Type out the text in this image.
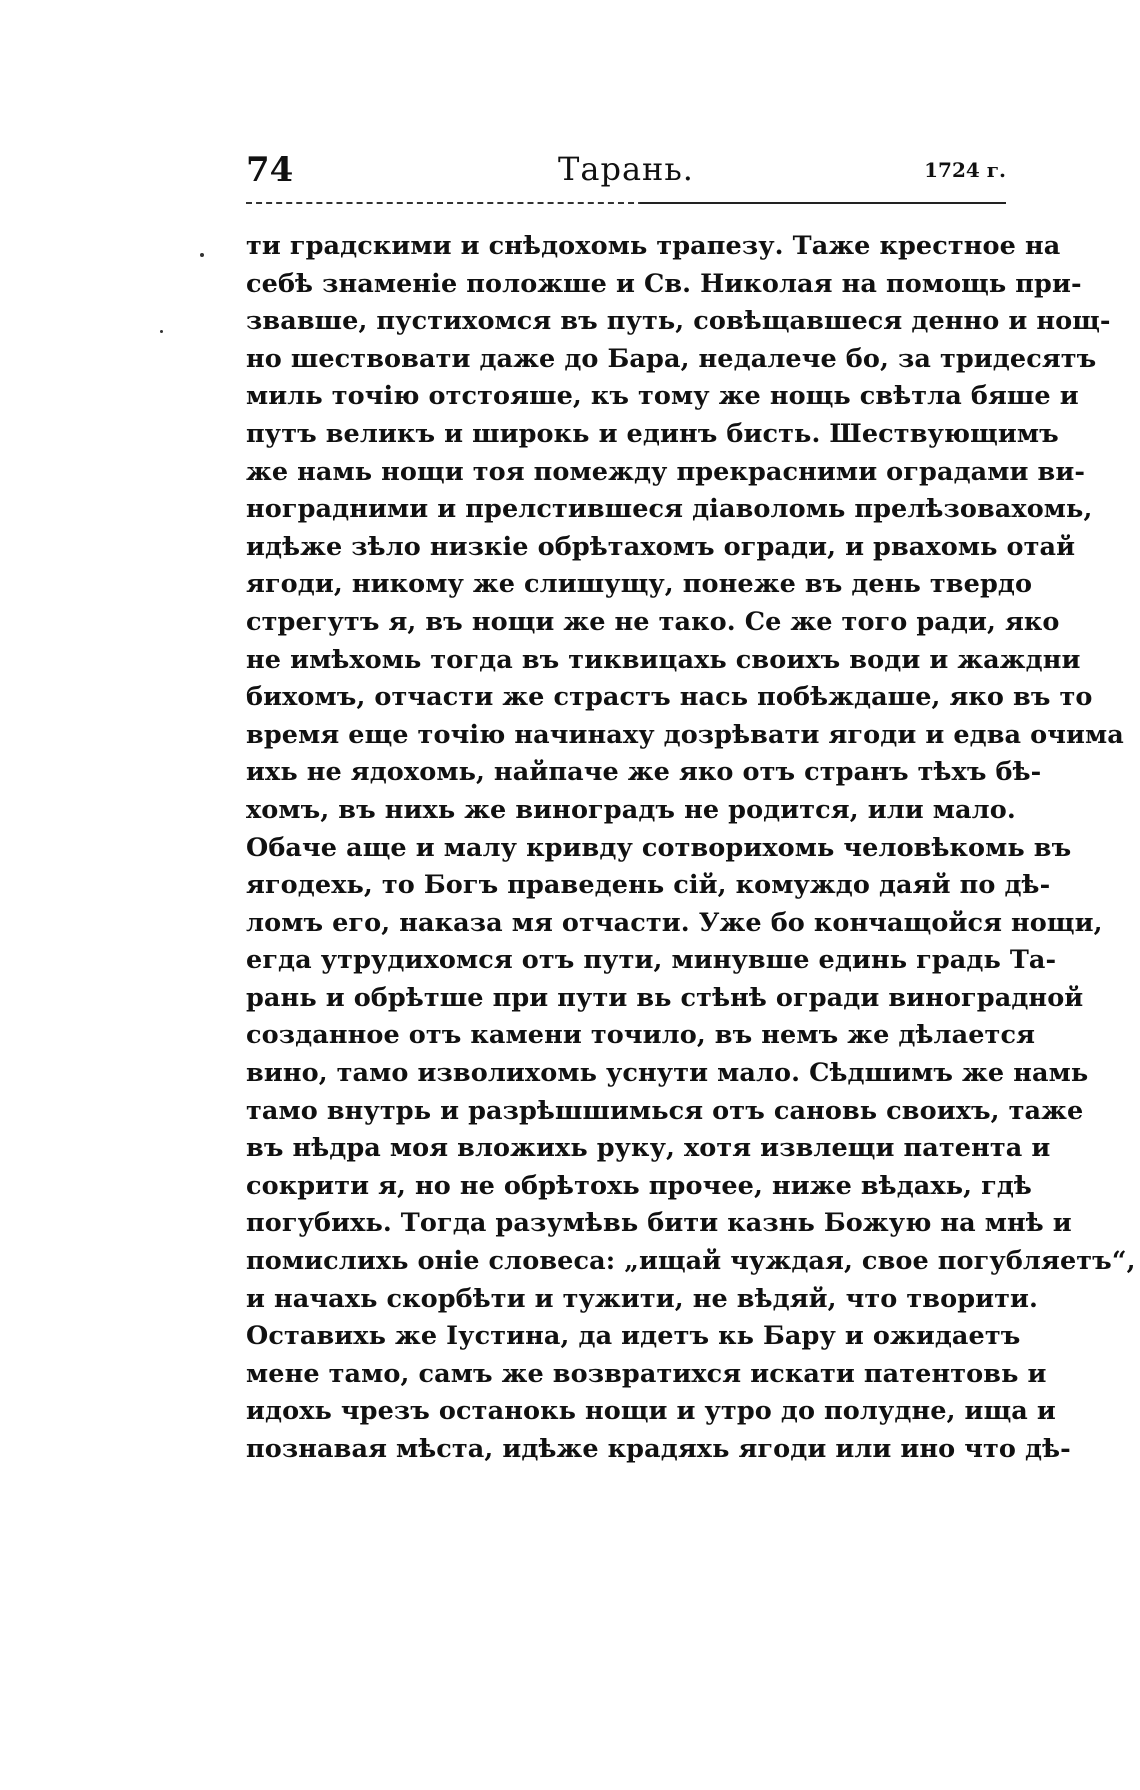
74	Тарань.	1724 г.
ти градскими и снѣдохомь трапезу. Таже крестное на
себѣ знаменіе положше и Св. Николая на помощь при-
звавше, пустихомся въ путь, совѣщавшеся денно и нощ-
но шествовати даже до Бара, недалече бо, за тридесятъ
миль точію отстояше, къ тому же нощь свѣтла бяше и
путъ великъ и широкь и единъ бисть. Шествующимъ
же намь нощи тоя помежду прекрасними оградами ви-
ноградними и прелстившеся діаволомь прелѣзовахомь,
идѣже зѣло низкіе обрѣтахомъ огради, и рвахомь отай
ягоди, никому же слишущу, понеже въ день твердо
стрегутъ я, въ нощи же не тако. Се же того ради, яко
не имѣхомь тогда въ тиквицахь своихъ води и жаждни
бихомъ, отчасти же страстъ нась побѣждаше, яко въ то
время еще точію начинаху дозрѣвати ягоди и едва очима
ихь не ядохомь, найпаче же яко отъ странъ тѣхъ бѣ-
хомъ, въ нихь же виноградъ не родится, или мало.
Обаче аще и малу кривду сотворихомь человѣкомь въ
ягодехь, то Богъ праведень сій, комуждо даяй по дѣ-
ломъ его, наказа мя отчасти. Уже бо кончащойся нощи,
егда утрудихомся отъ пути, минувше единь градь Та-
рань и обрѣтше при пути вь стѣнѣ огради виноградной
созданное отъ камени точило, въ немъ же дѣлается
вино, тамо изволихомь уснути мало. Сѣдшимъ же намь
тамо внутрь и разрѣшшимься отъ сановь своихъ, таже
въ нѣдра моя вложихь руку, хотя извлещи патента и
сокрити я, но не обрѣтохь прочее, ниже вѣдахь, гдѣ
погубихь. Тогда разумѣвь бити казнь Божую на мнѣ и
помислихь оніе словеса: „ищай чуждая, свое погубляетъ“,
и начахь скорбѣти и тужити, не вѣдяй, что творити.
Оставихь же Іустина, да идетъ кь Бару и ожидаетъ
мене тамо, самъ же возвратихся искати патентовь и
идохь чрезъ останокь нощи и утро до полудне, ища и
познавая мѣста, идѣже крадяхь ягоди или ино что дѣ-
